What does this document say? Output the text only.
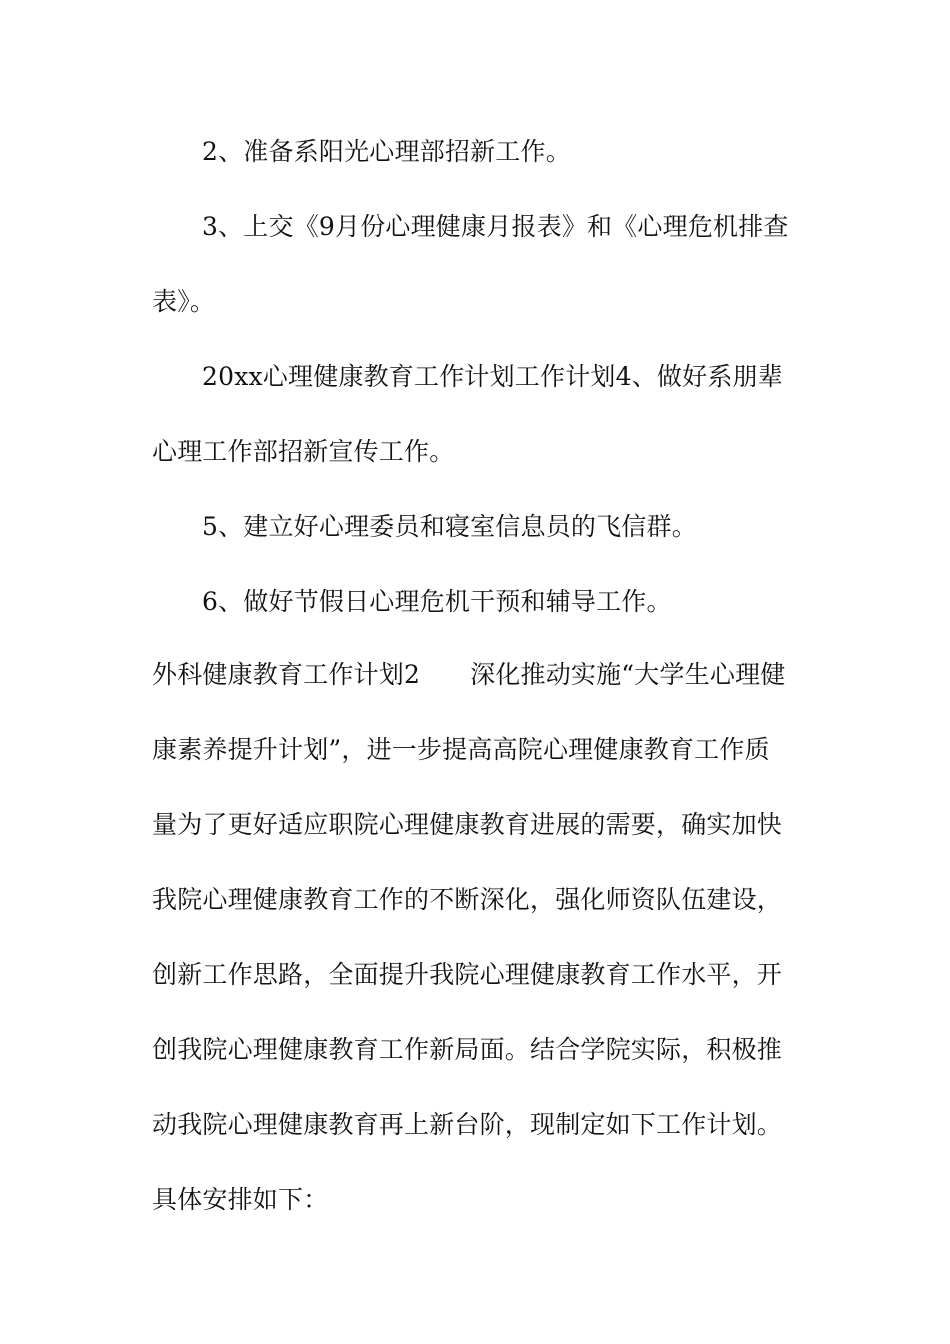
2、准备系阳光心理部招新工作。
3、上交《9月份心理健康月报表》和《心理危机排查
表》。
20xx心理健康教育工作计划工作计划4、做好系朋辈
心理工作部招新宣传工作。
5、建立好心理委员和寝室信息员的飞信群。
6、做好节假日心理危机干预和辅导工作。
外科健康教育工作计划2 深化推动实施“大学生心理健
康素养提升计划”，进一步提高高院心理健康教育工作质
量为了更好适应职院心理健康教育进展的需要，确实加快
我院心理健康教育工作的不断深化，强化师资队伍建设，
创新工作思路，全面提升我院心理健康教育工作水平，开
创我院心理健康教育工作新局面。结合学院实际，积极推
动我院心理健康教育再上新台阶，现制定如下工作计划。
具体安排如下：
